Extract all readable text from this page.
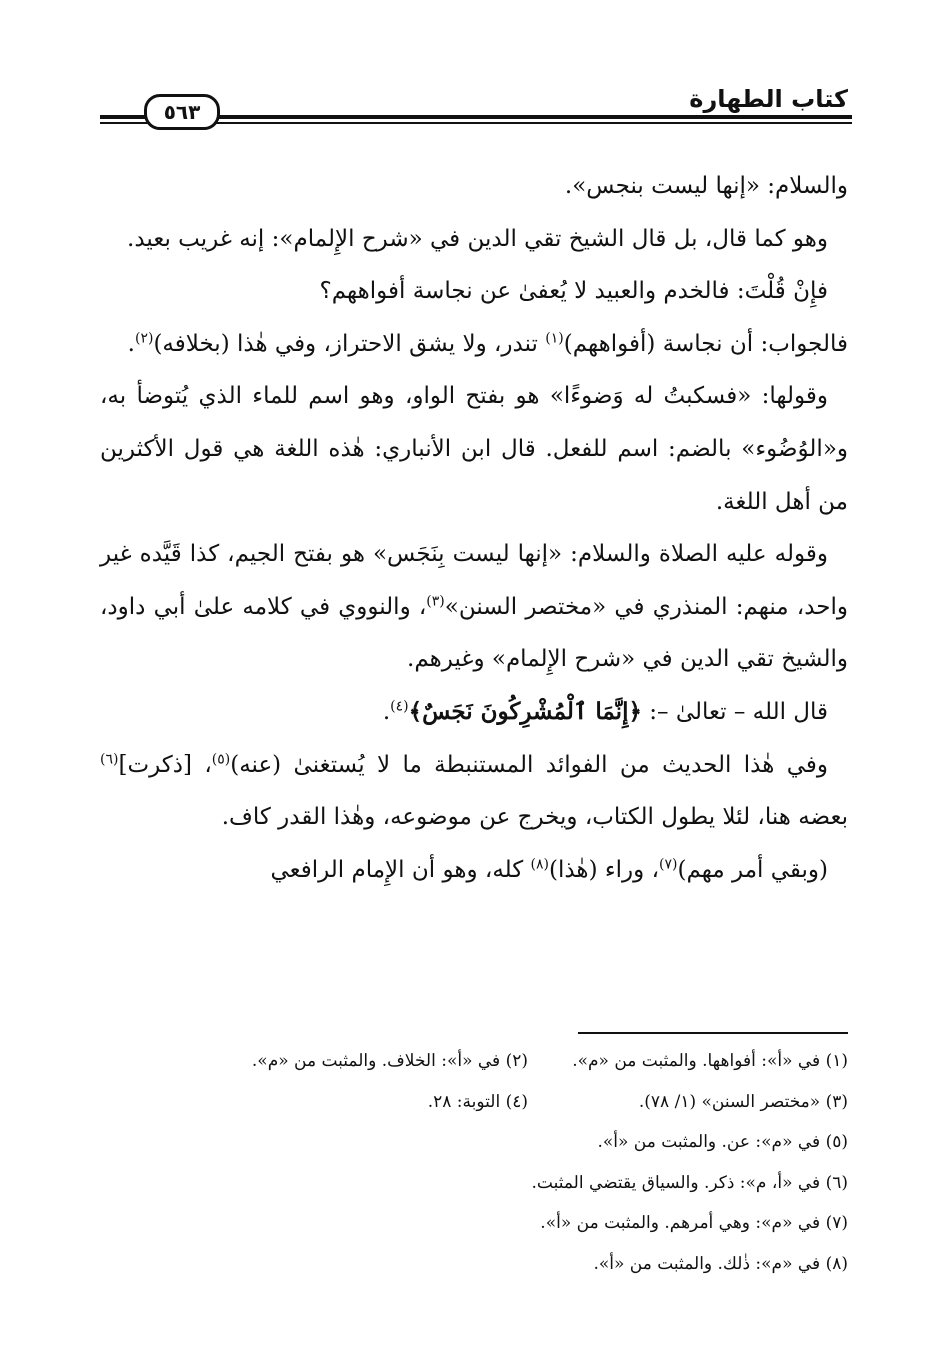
كتاب الطهارة
٥٦٣

والسلام: «إنها ليست بنجس».

وهو كما قال، بل قال الشيخ تقي الدين في «شرح الإِلمام»: إنه غريب بعيد.

فإِنْ قُلْتَ: فالخدم والعبيد لا يُعفىٰ عن نجاسة أفواههم؟

فالجواب: أن نجاسة (أفواههم)$^{(١)}$ تندر، ولا يشق الاحتراز، وفي هٰذا (بخلافه)$^{(٢)}$.

وقولها: «فسكبتُ له وَضوءًا» هو بفتح الواو، وهو اسم للماء الذي يُتوضأ به، و«الوُضُوء» بالضم: اسم للفعل. قال ابن الأنباري: هٰذه اللغة هي قول الأكثرين من أهل اللغة.

وقوله عليه الصلاة والسلام: «إنها ليست بِنَجَس» هو بفتح الجيم، كذا قَيَّده غير واحد، منهم: المنذري في «مختصر السنن»$^{(٣)}$، والنووي في كلامه علىٰ أبي داود، والشيخ تقي الدين في «شرح الإِلمام» وغيرهم.

قال الله – تعالىٰ –: ﴿إِنَّمَا ٱلْمُشْرِكُونَ نَجَسٌ﴾$^{(٤)}$.

وفي هٰذا الحديث من الفوائد المستنبطة ما لا يُستغنىٰ (عنه)$^{(٥)}$، [ذكرت]$^{(٦)}$ بعضه هنا، لئلا يطول الكتاب، ويخرج عن موضوعه، وهٰذا القدر كاف.

(وبقي أمر مهم)$^{(٧)}$، وراء (هٰذا)$^{(٨)}$ كله، وهو أن الإِمام الرافعي

(١) في «أ»: أفواهها. والمثبت من «م».
(٢) في «أ»: الخلاف. والمثبت من «م».
(٣) «مختصر السنن» (١/ ٧٨).
(٤) التوبة: ٢٨.
(٥) في «م»: عن. والمثبت من «أ».
(٦) في «أ، م»: ذكر. والسياق يقتضي المثبت.
(٧) في «م»: وهي أمرهم. والمثبت من «أ».
(٨) في «م»: ذٰلك. والمثبت من «أ».
